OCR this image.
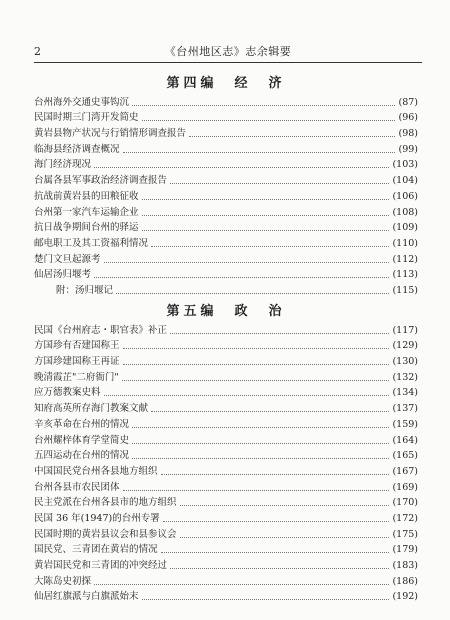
2	《台州地区志》志余辑要
第四编　经　济
台州海外交通史事钩沉	(87)
民国时期三门湾开发简史	(96)
黄岩县物产状况与行销情形调查报告	(98)
临海县经济调查概况	(99)
海门经济现况	(103)
台属各县军事政治经济调查报告	(104)
抗战前黄岩县的田粮征收	(106)
台州第一家汽车运输企业	(108)
抗日战争期间台州的驿运	(109)
邮电职工及其工资福利情况	(110)
楚门文旦起源考	(112)
仙居汤归堰考	(113)
附：汤归堰记	(115)
第五编　政　治
民国《台州府志・职官表》补正	(117)
方国珍有否建国称王	(129)
方国珍建国称王再证	(130)
晚清霞芷"二府衙门"	(132)
应万德教案史料	(134)
知府高英所存海门教案文献	(137)
辛亥革命在台州的情况	(159)
台州耀梓体育学堂简史	(164)
五四运动在台州的情况	(165)
中国国民党台州各县地方组织	(167)
台州各县市农民团体	(169)
民主党派在台州各县市的地方组织	(170)
民国 36 年(1947)的台州专署	(172)
民国时期的黄岩县议会和县参议会	(175)
国民党、三青团在黄岩的情况	(179)
黄岩国民党和三青团的冲突经过	(183)
大陈岛史初探	(186)
仙居红旗派与白旗派始末	(192)
